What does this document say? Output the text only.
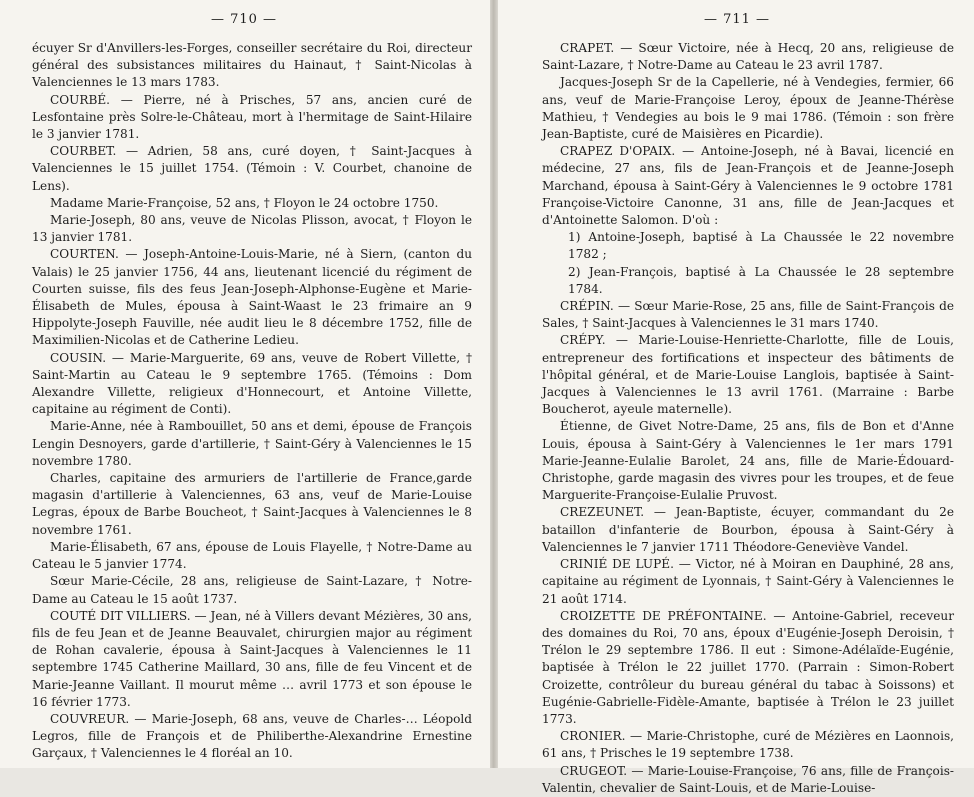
— 710 —

écuyer Sr d'Anvillers-les-Forges, conseiller secrétaire du Roi, directeur général des subsistances militaires du Hainaut, † Saint-Nicolas à Valenciennes le 13 mars 1783.

COURBÉ. — Pierre, né à Prisches, 57 ans, ancien curé de Lesfontaine près Solre-le-Château, mort à l'hermitage de Saint-Hilaire le 3 janvier 1781.

COURBET. — Adrien, 58 ans, curé doyen, † Saint-Jacques à Valenciennes le 15 juillet 1754. (Témoin : V. Courbet, chanoine de Lens).

Madame Marie-Françoise, 52 ans, † Floyon le 24 octobre 1750.

Marie-Joseph, 80 ans, veuve de Nicolas Plisson, avocat, † Floyon le 13 janvier 1781.

COURTEN. — Joseph-Antoine-Louis-Marie, né à Siern, (canton du Valais) le 25 janvier 1756, 44 ans, lieutenant licencié du régiment de Courten suisse, fils des feus Jean-Joseph-Alphonse-Eugène et Marie-Élisabeth de Mules, épousa à Saint-Waast le 23 frimaire an 9 Hippolyte-Joseph Fauville, née audit lieu le 8 décembre 1752, fille de Maximilien-Nicolas et de Catherine Ledieu.

COUSIN. — Marie-Marguerite, 69 ans, veuve de Robert Villette, † Saint-Martin au Cateau le 9 septembre 1765. (Témoins : Dom Alexandre Villette, religieux d'Honnecourt, et Antoine Villette, capitaine au régiment de Conti).

Marie-Anne, née à Rambouillet, 50 ans et demi, épouse de François Lengin Desnoyers, garde d'artillerie, † Saint-Géry à Valenciennes le 15 novembre 1780.

Charles, capitaine des armuriers de l'artillerie de France,garde magasin d'artillerie à Valenciennes, 63 ans, veuf de Marie-Louise Legras, époux de Barbe Boucheot, † Saint-Jacques à Valenciennes le 8 novembre 1761.

Marie-Élisabeth, 67 ans, épouse de Louis Flayelle, † Notre-Dame au Cateau le 5 janvier 1774.

Sœur Marie-Cécile, 28 ans, religieuse de Saint-Lazare, † Notre-Dame au Cateau le 15 août 1737.

COUTÉ DIT VILLIERS. — Jean, né à Villers devant Mézières, 30 ans, fils de feu Jean et de Jeanne Beauvalet, chirurgien major au régiment de Rohan cavalerie, épousa à Saint-Jacques à Valenciennes le 11 septembre 1745 Catherine Maillard, 30 ans, fille de feu Vincent et de Marie-Jeanne Vaillant. Il mourut même … avril 1773 et son épouse le 16 février 1773.

COUVREUR. — Marie-Joseph, 68 ans, veuve de Charles-… Léopold Legros, fille de François et de Philiberthe-Alexandrine Ernestine Garçaux, † Valenciennes le 4 floréal an 10.

— 711 —

CRAPET. — Sœur Victoire, née à Hecq, 20 ans, religieuse de Saint-Lazare, † Notre-Dame au Cateau le 23 avril 1787.

Jacques-Joseph Sr de la Capellerie, né à Vendegies, fermier, 66 ans, veuf de Marie-Françoise Leroy, époux de Jeanne-Thérèse Mathieu, † Vendegies au bois le 9 mai 1786. (Témoin : son frère Jean-Baptiste, curé de Maisières en Picardie).

CRAPEZ D'OPAIX. — Antoine-Joseph, né à Bavai, licencié en médecine, 27 ans, fils de Jean-François et de Jeanne-Joseph Marchand, épousa à Saint-Géry à Valenciennes le 9 octobre 1781 Françoise-Victoire Canonne, 31 ans, fille de Jean-Jacques et d'Antoinette Salomon. D'où :

1) Antoine-Joseph, baptisé à La Chaussée le 22 novembre 1782 ;

2) Jean-François, baptisé à La Chaussée le 28 septembre 1784.

CRÉPIN. — Sœur Marie-Rose, 25 ans, fille de Saint-François de Sales, † Saint-Jacques à Valenciennes le 31 mars 1740.

CRÉPY. — Marie-Louise-Henriette-Charlotte, fille de Louis, entrepreneur des fortifications et inspecteur des bâtiments de l'hôpital général, et de Marie-Louise Langlois, baptisée à Saint-Jacques à Valenciennes le 13 avril 1761. (Marraine : Barbe Boucherot, ayeule maternelle).

Étienne, de Givet Notre-Dame, 25 ans, fils de Bon et d'Anne Louis, épousa à Saint-Géry à Valenciennes le 1er mars 1791 Marie-Jeanne-Eulalie Barolet, 24 ans, fille de Marie-Édouard-Christophe, garde magasin des vivres pour les troupes, et de feue Marguerite-Françoise-Eulalie Pruvost.

CREZEUNET. — Jean-Baptiste, écuyer, commandant du 2e bataillon d'infanterie de Bourbon, épousa à Saint-Géry à Valenciennes le 7 janvier 1711 Théodore-Geneviève Vandel.

CRINIÉ DE LUPÉ. — Victor, né à Moiran en Dauphiné, 28 ans, capitaine au régiment de Lyonnais, † Saint-Géry à Valenciennes le 21 août 1714.

CROIZETTE DE PRÉFONTAINE. — Antoine-Gabriel, receveur des domaines du Roi, 70 ans, époux d'Eugénie-Joseph Deroisin, † Trélon le 29 septembre 1786. Il eut : Simone-Adélaïde-Eugénie, baptisée à Trélon le 22 juillet 1770. (Parrain : Simon-Robert Croizette, contrôleur du bureau général du tabac à Soissons) et Eugénie-Gabrielle-Fidèle-Amante, baptisée à Trélon le 23 juillet 1773.

CRONIER. — Marie-Christophe, curé de Mézières en Laonnois, 61 ans, † Prisches le 19 septembre 1738.

CRUGEOT. — Marie-Louise-Françoise, 76 ans, fille de François-Valentin, chevalier de Saint-Louis, et de Marie-Louise-
